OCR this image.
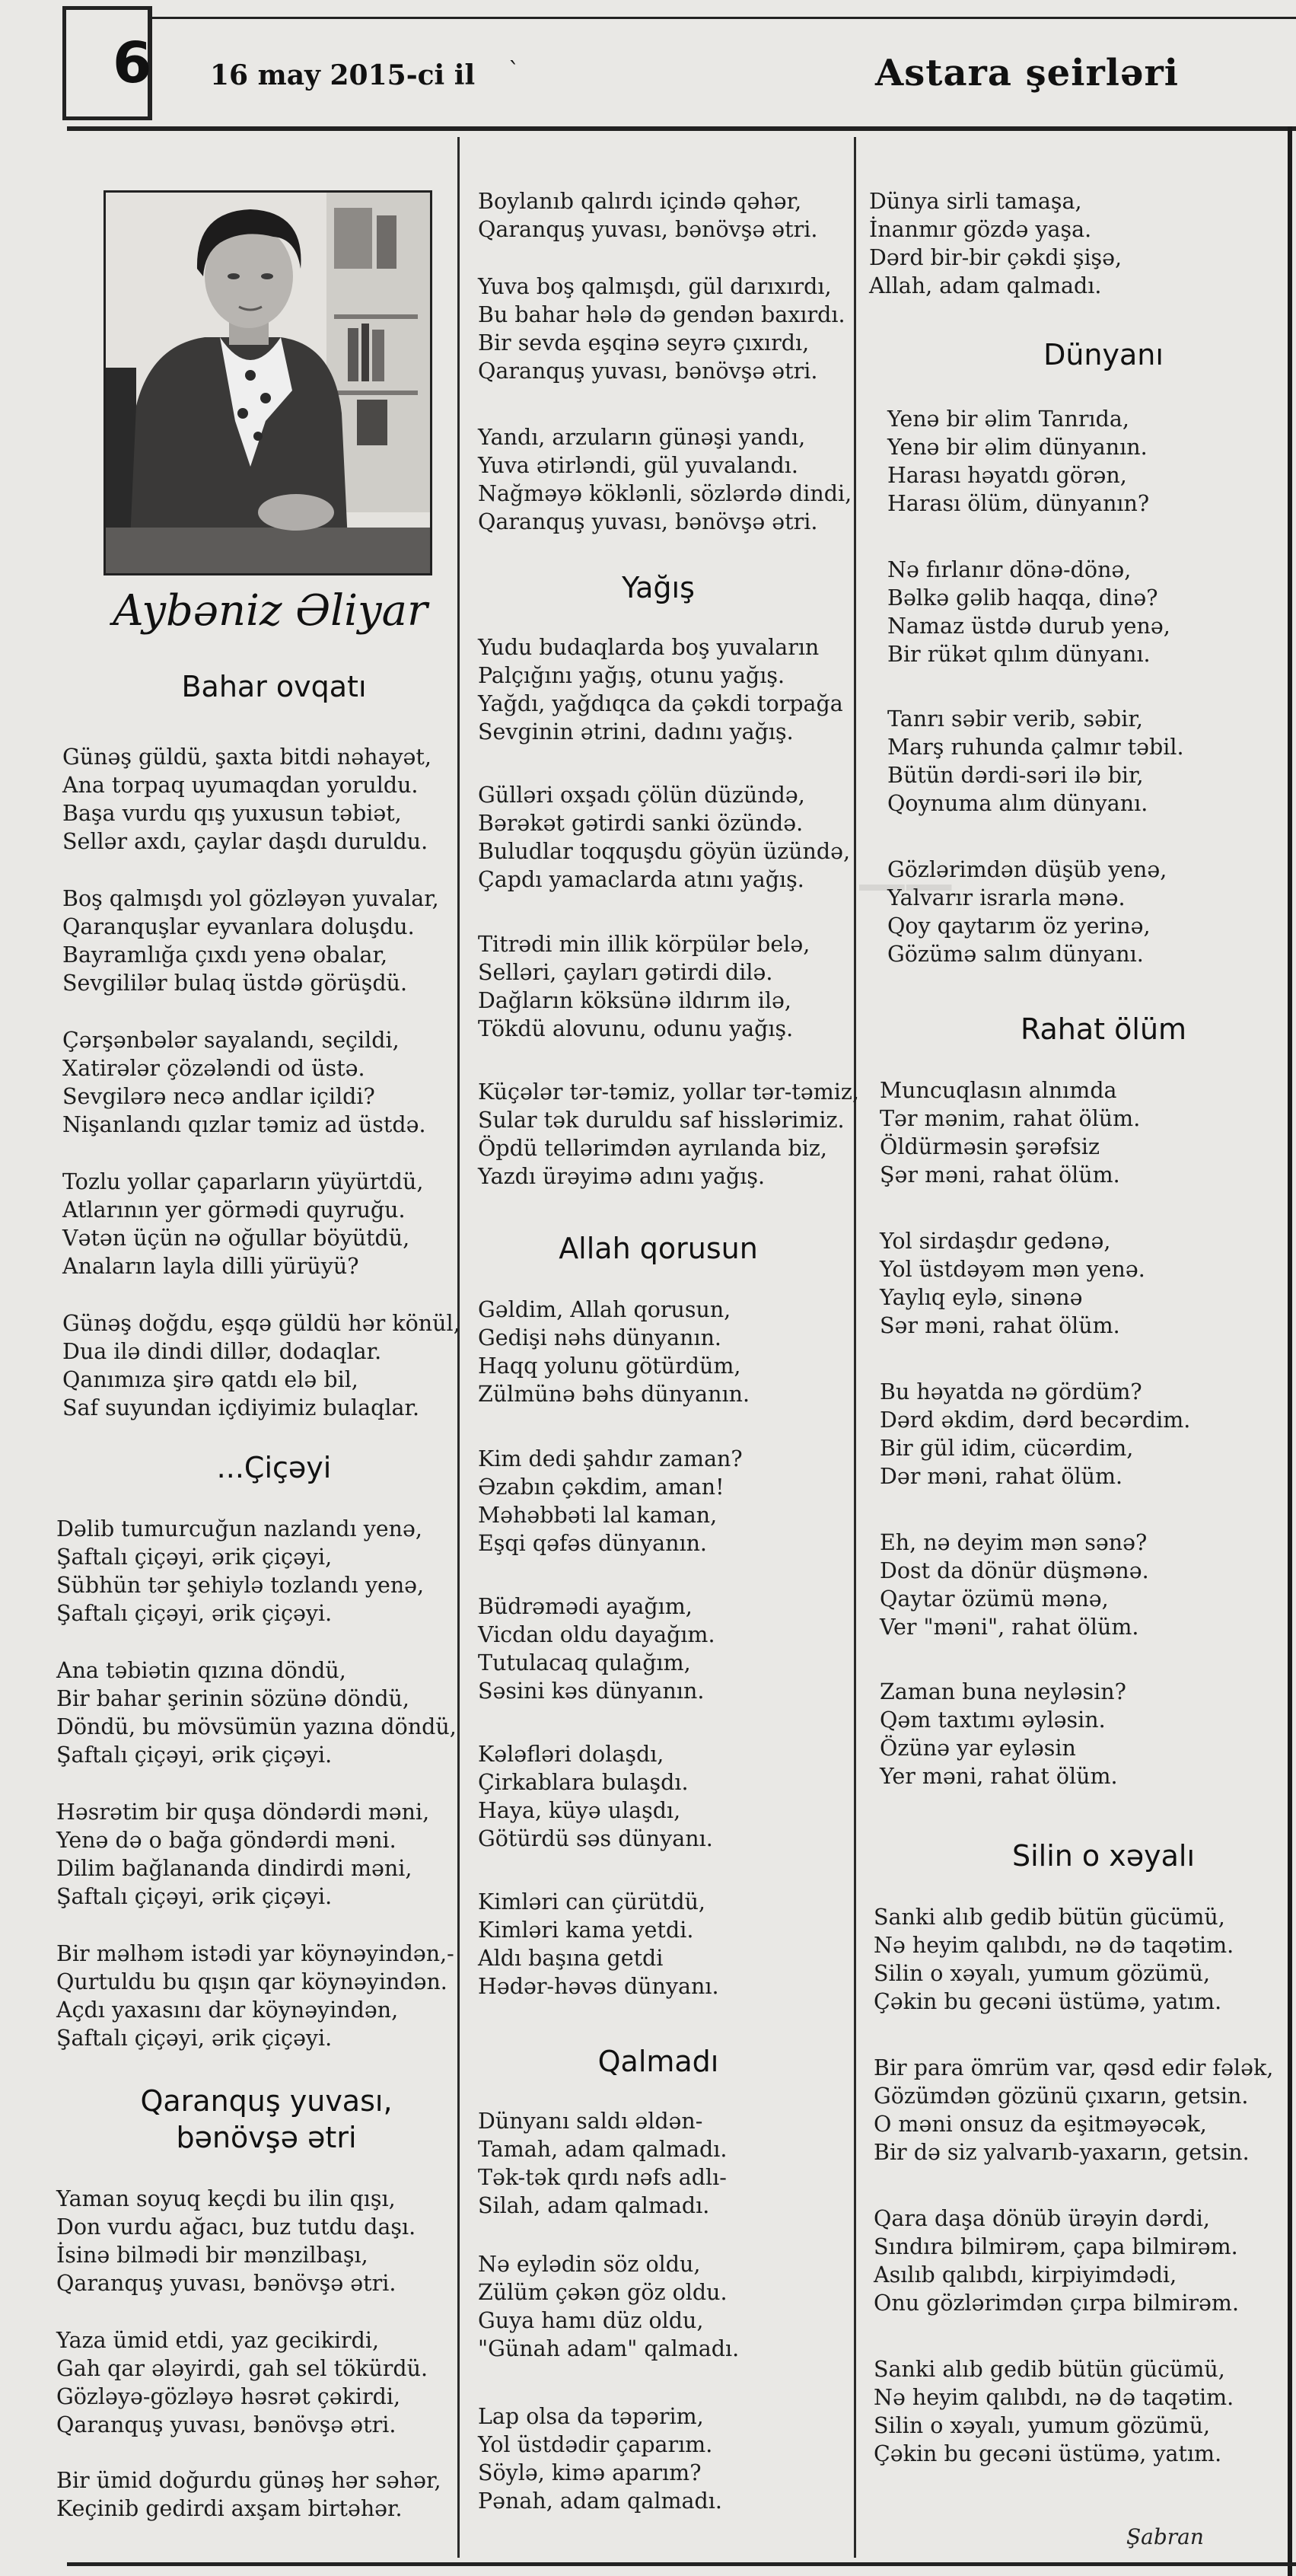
6 16 may 2015-ci il `	Astara şeirləri
──
Aybəniz Əliyar
Bahar ovqatı
Günəş güldü, şaxta bitdi nəhayət,
Ana torpaq uyumaqdan yoruldu.
Başa vurdu qış yuxusun təbiət,
Sellər axdı, çaylar daşdı duruldu.
Boş qalmışdı yol gözləyən yuvalar,
Qaranquşlar eyvanlara doluşdu.
Bayramlığa çıxdı yenə obalar,
Sevgililər bulaq üstdə görüşdü.
Çərşənbələr sayalandı, seçildi,
Xatirələr çözələndi od üstə.
Sevgilərə necə andlar içildi?
Nişanlandı qızlar təmiz ad üstdə.
Tozlu yollar çaparların yüyürtdü,
Atlarının yer görmədi quyruğu.
Vətən üçün nə oğullar böyütdü,
Anaların layla dilli yürüyü?
Günəş doğdu, eşqə güldü hər könül,
Dua ilə dindi dillər, dodaqlar.
Qanımıza şirə qatdı elə bil,
Saf suyundan içdiyimiz bulaqlar.
...Çiçəyi
Dəlib tumurcuğun nazlandı yenə,
Şaftalı çiçəyi, ərik çiçəyi,
Sübhün tər şehiylə tozlandı yenə,
Şaftalı çiçəyi, ərik çiçəyi.
Ana təbiətin qızına döndü,
Bir bahar şerinin sözünə döndü,
Döndü, bu mövsümün yazına döndü,
Şaftalı çiçəyi, ərik çiçəyi.
Həsrətim bir quşa döndərdi məni,
Yenə də o bağa göndərdi məni.
Dilim bağlananda dindirdi məni,
Şaftalı çiçəyi, ərik çiçəyi.
Bir məlhəm istədi yar köynəyindən,-
Qurtuldu bu qışın qar köynəyindən.
Açdı yaxasını dar köynəyindən,
Şaftalı çiçəyi, ərik çiçəyi.
Qaranquş yuvası,
bənövşə ətri
Yaman soyuq keçdi bu ilin qışı,
Don vurdu ağacı, buz tutdu daşı.
İsinə bilmədi bir mənzilbaşı,
Qaranquş yuvası, bənövşə ətri.
Yaza ümid etdi, yaz gecikirdi,
Gah qar ələyirdi, gah sel tökürdü.
Gözləyə-gözləyə həsrət çəkirdi,
Qaranquş yuvası, bənövşə ətri.
Bir ümid doğurdu günəş hər səhər,
Keçinib gedirdi axşam birtəhər.
Boylanıb qalırdı içində qəhər,
Qaranquş yuvası, bənövşə ətri.
Yuva boş qalmışdı, gül darıxırdı,
Bu bahar hələ də gendən baxırdı.
Bir sevda eşqinə seyrə çıxırdı,
Qaranquş yuvası, bənövşə ətri.
Yandı, arzuların günəşi yandı,
Yuva ətirləndi, gül yuvalandı.
Nağməyə köklənli, sözlərdə dindi,
Qaranquş yuvası, bənövşə ətri.
Yağış
Yudu budaqlarda boş yuvaların
Palçığını yağış, otunu yağış.
Yağdı, yağdıqca da çəkdi torpağa
Sevginin ətrini, dadını yağış.
Gülləri oxşadı çölün düzündə,
Bərəkət gətirdi sanki özündə.
Buludlar toqquşdu göyün üzündə,
Çapdı yamaclarda atını yağış.
Titrədi min illik körpülər belə,
Selləri, çayları gətirdi dilə.
Dağların köksünə ildırım ilə,
Tökdü alovunu, odunu yağış.
Küçələr tər-təmiz, yollar tər-təmiz,
Sular tək duruldu saf hisslərimiz.
Öpdü tellərimdən ayrılanda biz,
Yazdı ürəyimə adını yağış.
Allah qorusun
Gəldim, Allah qorusun,
Gedişi nəhs dünyanın.
Haqq yolunu götürdüm,
Zülmünə bəhs dünyanın.
Kim dedi şahdır zaman?
Əzabın çəkdim, aman!
Məhəbbəti lal kaman,
Eşqi qəfəs dünyanın.
Büdrəmədi ayağım,
Vicdan oldu dayağım.
Tutulacaq qulağım,
Səsini kəs dünyanın.
Kələfləri dolaşdı,
Çirkablara bulaşdı.
Haya, küyə ulaşdı,
Götürdü səs dünyanı.
Kimləri can çürütdü,
Kimləri kama yetdi.
Aldı başına getdi
Hədər-həvəs dünyanı.
Qalmadı
Dünyanı saldı əldən-
Tamah, adam qalmadı.
Tək-tək qırdı nəfs adlı-
Silah, adam qalmadı.
Nə eylədin söz oldu,
Zülüm çəkən göz oldu.
Guya hamı düz oldu,
"Günah adam" qalmadı.
Lap olsa da təpərim,
Yol üstdədir çaparım.
Söylə, kimə aparım?
Pənah, adam qalmadı.
Dünya sirli tamaşa,
İnanmır gözdə yaşa.
Dərd bir-bir çəkdi şişə,
Allah, adam qalmadı.
Dünyanı
Yenə bir əlim Tanrıda,
Yenə bir əlim dünyanın.
Harası həyatdı görən,
Harası ölüm, dünyanın?
Nə fırlanır dönə-dönə,
Bəlkə gəlib haqqa, dinə?
Namaz üstdə durub yenə,
Bir rükət qılım dünyanı.
Tanrı səbir verib, səbir,
Marş ruhunda çalmır təbil.
Bütün dərdi-səri ilə bir,
Qoynuma alım dünyanı.
Gözlərimdən düşüb yenə,
Yalvarır israrla mənə.
Qoy qaytarım öz yerinə,
Gözümə salım dünyanı.
Rahat ölüm
Muncuqlasın alnımda
Tər mənim, rahat ölüm.
Öldürməsin şərəfsiz
Şər məni, rahat ölüm.
Yol sirdaşdır gedənə,
Yol üstdəyəm mən yenə.
Yaylıq eylə, sinənə
Sər məni, rahat ölüm.
Bu həyatda nə gördüm?
Dərd əkdim, dərd becərdim.
Bir gül idim, cücərdim,
Dər məni, rahat ölüm.
Eh, nə deyim mən sənə?
Dost da dönür düşmənə.
Qaytar özümü mənə,
Ver "məni", rahat ölüm.
Zaman buna neyləsin?
Qəm taxtımı əyləsin.
Özünə yar eyləsin
Yer məni, rahat ölüm.
Silin o xəyalı
Sanki alıb gedib bütün gücümü,
Nə heyim qalıbdı, nə də taqətim.
Silin o xəyalı, yumum gözümü,
Çəkin bu gecəni üstümə, yatım.
Bir para ömrüm var, qəsd edir fələk,
Gözümdən gözünü çıxarın, getsin.
O məni onsuz da eşitməyəcək,
Bir də siz yalvarıb-yaxarın, getsin.
Qara daşa dönüb ürəyin dərdi,
Sındıra bilmirəm, çapa bilmirəm.
Asılıb qalıbdı, kirpiyimdədi,
Onu gözlərimdən çırpa bilmirəm.
Sanki alıb gedib bütün gücümü,
Nə heyim qalıbdı, nə də taqətim.
Silin o xəyalı, yumum gözümü,
Çəkin bu gecəni üstümə, yatım.
Şabran
